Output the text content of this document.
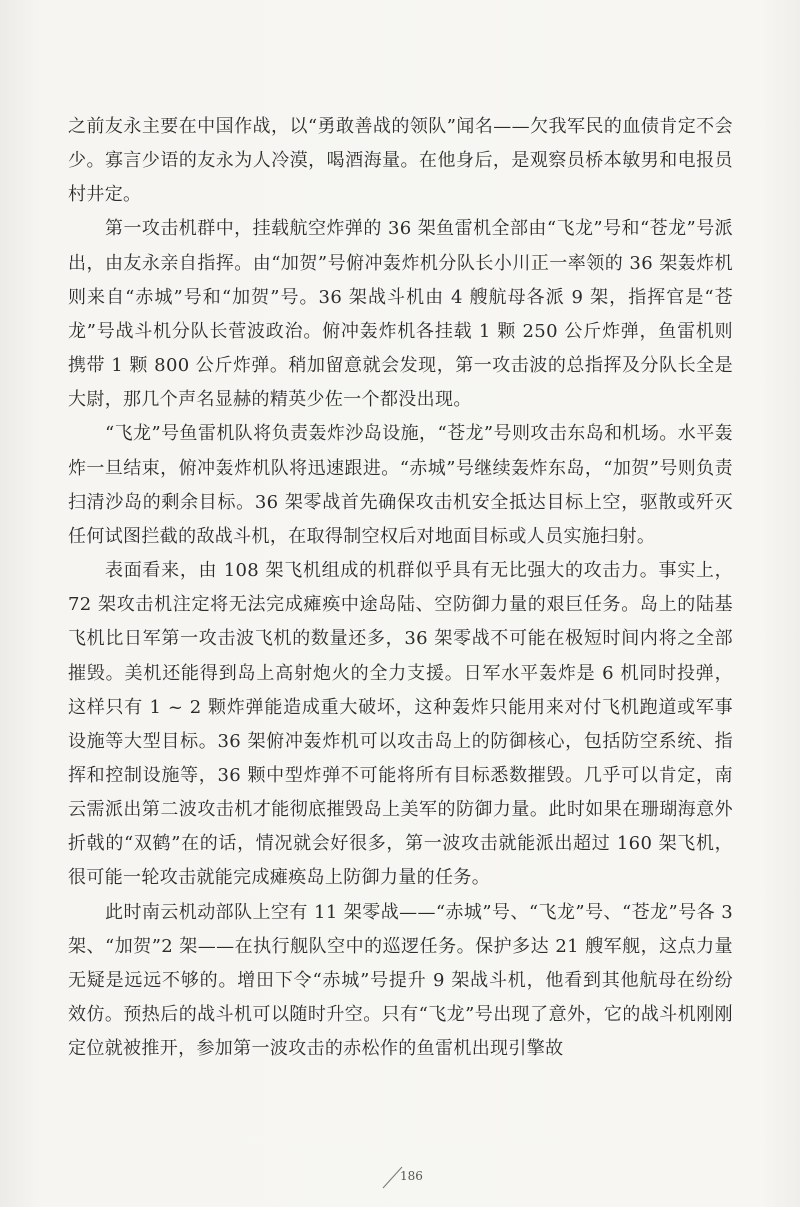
之前友永主要在中国作战，以“勇敢善战的领队”闻名——欠我军民的血债肯定不会少。寡言少语的友永为人冷漠，喝酒海量。在他身后，是观察员桥本敏男和电报员村井定。

第一攻击机群中，挂载航空炸弹的 36 架鱼雷机全部由“飞龙”号和“苍龙”号派出，由友永亲自指挥。由“加贺”号俯冲轰炸机分队长小川正一率领的 36 架轰炸机则来自“赤城”号和“加贺”号。36 架战斗机由 4 艘航母各派 9 架，指挥官是“苍龙”号战斗机分队长菅波政治。俯冲轰炸机各挂载 1 颗 250 公斤炸弹，鱼雷机则携带 1 颗 800 公斤炸弹。稍加留意就会发现，第一攻击波的总指挥及分队长全是大尉，那几个声名显赫的精英少佐一个都没出现。

“飞龙”号鱼雷机队将负责轰炸沙岛设施，“苍龙”号则攻击东岛和机场。水平轰炸一旦结束，俯冲轰炸机队将迅速跟进。“赤城”号继续轰炸东岛，“加贺”号则负责扫清沙岛的剩余目标。36 架零战首先确保攻击机安全抵达目标上空，驱散或歼灭任何试图拦截的敌战斗机，在取得制空权后对地面目标或人员实施扫射。

表面看来，由 108 架飞机组成的机群似乎具有无比强大的攻击力。事实上，72 架攻击机注定将无法完成瘫痪中途岛陆、空防御力量的艰巨任务。岛上的陆基飞机比日军第一攻击波飞机的数量还多，36 架零战不可能在极短时间内将之全部摧毁。美机还能得到岛上高射炮火的全力支援。日军水平轰炸是 6 机同时投弹，这样只有 1 ~ 2 颗炸弹能造成重大破坏，这种轰炸只能用来对付飞机跑道或军事设施等大型目标。36 架俯冲轰炸机可以攻击岛上的防御核心，包括防空系统、指挥和控制设施等，36 颗中型炸弹不可能将所有目标悉数摧毁。几乎可以肯定，南云需派出第二波攻击机才能彻底摧毁岛上美军的防御力量。此时如果在珊瑚海意外折戟的“双鹤”在的话，情况就会好很多，第一波攻击就能派出超过 160 架飞机，很可能一轮攻击就能完成瘫痪岛上防御力量的任务。

此时南云机动部队上空有 11 架零战——“赤城”号、“飞龙”号、“苍龙”号各 3 架、“加贺”2 架——在执行舰队空中的巡逻任务。保护多达 21 艘军舰，这点力量无疑是远远不够的。增田下令“赤城”号提升 9 架战斗机，他看到其他航母在纷纷效仿。预热后的战斗机可以随时升空。只有“飞龙”号出现了意外，它的战斗机刚刚定位就被推开，参加第一波攻击的赤松作的鱼雷机出现引擎故

186
